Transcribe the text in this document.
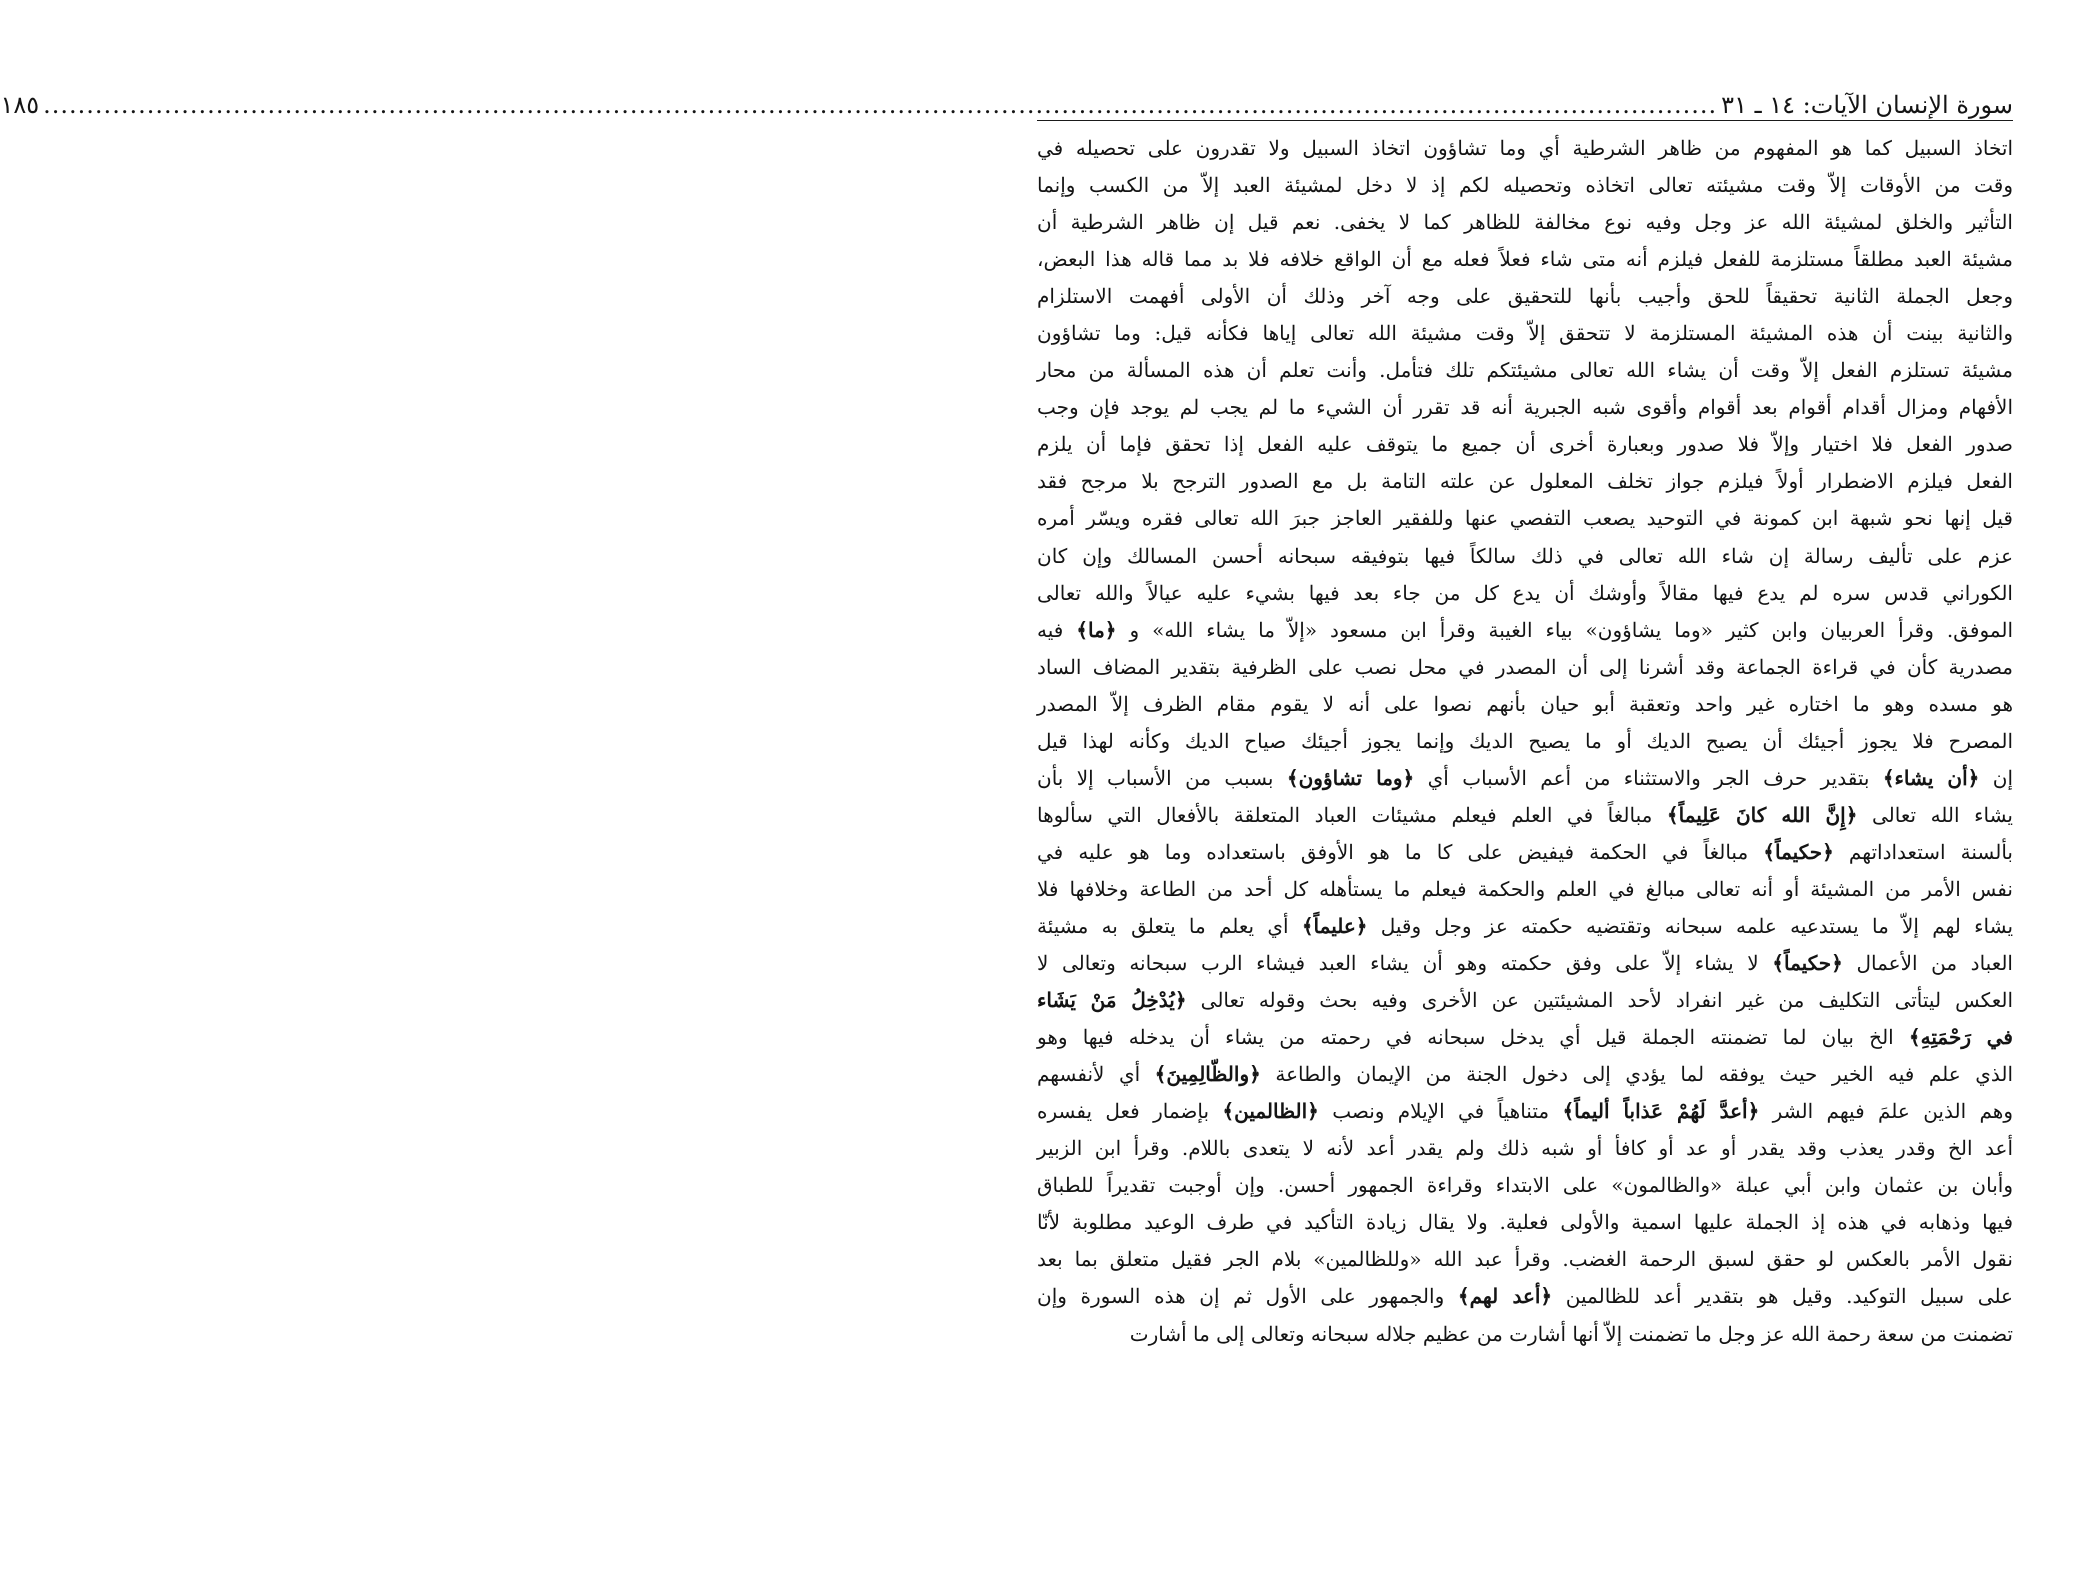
سورة الإنسان الآيات: ١٤ ـ ٣١
..................................................................................................................................................................................................
١٨٥
اتخاذ السبيل كما هو المفهوم من ظاهر الشرطية أي وما تشاؤون اتخاذ السبيل ولا تقدرون على تحصيله في
وقت من الأوقات إلاّ وقت مشيئته تعالى اتخاذه وتحصيله لكم إذ لا دخل لمشيئة العبد إلاّ من الكسب وإنما
التأثير والخلق لمشيئة الله عز وجل وفيه نوع مخالفة للظاهر كما لا يخفى. نعم قيل إن ظاهر الشرطية أن
مشيئة العبد مطلقاً مستلزمة للفعل فيلزم أنه متى شاء فعلاً فعله مع أن الواقع خلافه فلا بد مما قاله هذا البعض،
وجعل الجملة الثانية تحقيقاً للحق وأجيب بأنها للتحقيق على وجه آخر وذلك أن الأولى أفهمت الاستلزام
والثانية بينت أن هذه المشيئة المستلزمة لا تتحقق إلاّ وقت مشيئة الله تعالى إياها فكأنه قيل: وما تشاؤون
مشيئة تستلزم الفعل إلاّ وقت أن يشاء الله تعالى مشيئتكم تلك فتأمل. وأنت تعلم أن هذه المسألة من محار
الأفهام ومزال أقدام أقوام بعد أقوام وأقوى شبه الجبرية أنه قد تقرر أن الشيء ما لم يجب لم يوجد فإن وجب
صدور الفعل فلا اختيار وإلاّ فلا صدور وبعبارة أخرى أن جميع ما يتوقف عليه الفعل إذا تحقق فإما أن يلزم
الفعل فيلزم الاضطرار أولاً فيلزم جواز تخلف المعلول عن علته التامة بل مع الصدور الترجح بلا مرجح فقد
قيل إنها نحو شبهة ابن كمونة في التوحيد يصعب التفصي عنها وللفقير العاجز جبرَ الله تعالى فقره ويسّر أمره
عزم على تأليف رسالة إن شاء الله تعالى في ذلك سالكاً فيها بتوفيقه سبحانه أحسن المسالك وإن كان
الكوراني قدس سره لم يدع فيها مقالاً وأوشك أن يدع كل من جاء بعد فيها بشيء عليه عيالاً والله تعالى
الموفق. وقرأ العربيان وابن كثير «وما يشاؤون» بياء الغيبة وقرأ ابن مسعود «إلاّ ما يشاء الله» و ﴿ما﴾ فيه
مصدرية كأن في قراءة الجماعة وقد أشرنا إلى أن المصدر في محل نصب على الظرفية بتقدير المضاف الساد
هو مسده وهو ما اختاره غير واحد وتعقبة أبو حيان بأنهم نصوا على أنه لا يقوم مقام الظرف إلاّ المصدر
المصرح فلا يجوز أجيئك أن يصيح الديك أو ما يصيح الديك وإنما يجوز أجيئك صياح الديك وكأنه لهذا قيل
إن ﴿أن يشاء﴾ بتقدير حرف الجر والاستثناء من أعم الأسباب أي ﴿وما تشاؤون﴾ بسبب من الأسباب إلا بأن
يشاء الله تعالى ﴿إِنَّ الله كانَ عَلِيماً﴾ مبالغاً في العلم فيعلم مشيئات العباد المتعلقة بالأفعال التي سألوها
بألسنة استعداداتهم ﴿حكيماً﴾ مبالغاً في الحكمة فيفيض على كا ما هو الأوفق باستعداده وما هو عليه في
نفس الأمر من المشيئة أو أنه تعالى مبالغ في العلم والحكمة فيعلم ما يستأهله كل أحد من الطاعة وخلافها فلا
يشاء لهم إلاّ ما يستدعيه علمه سبحانه وتقتضيه حكمته عز وجل وقيل ﴿عليماً﴾ أي يعلم ما يتعلق به مشيئة
العباد من الأعمال ﴿حكيماً﴾ لا يشاء إلاّ على وفق حكمته وهو أن يشاء العبد فيشاء الرب سبحانه وتعالى لا
العكس ليتأتى التكليف من غير انفراد لأحد المشيئتين عن الأخرى وفيه بحث وقوله تعالى ﴿يُدْخِلُ مَنْ يَشَاء
في رَحْمَتِهِ﴾ الخ بيان لما تضمنته الجملة قيل أي يدخل سبحانه في رحمته من يشاء أن يدخله فيها وهو
الذي علم فيه الخير حيث يوفقه لما يؤدي إلى دخول الجنة من الإيمان والطاعة ﴿والظّالِمِينَ﴾ أي لأنفسهم
وهم الذين علمَ فيهم الشر ﴿أعدَّ لَهُمْ عَذاباً أليماً﴾ متناهياً في الإيلام ونصب ﴿الظالمين﴾ بإضمار فعل يفسره
أعد الخ وقدر يعذب وقد يقدر أو عد أو كافأ أو شبه ذلك ولم يقدر أعد لأنه لا يتعدى باللام. وقرأ ابن الزبير
وأبان بن عثمان وابن أبي عبلة «والظالمون» على الابتداء وقراءة الجمهور أحسن. وإن أوجبت تقديراً للطباق
فيها وذهابه في هذه إذ الجملة عليها اسمية والأولى فعلية. ولا يقال زيادة التأكيد في طرف الوعيد مطلوبة لأنّا
نقول الأمر بالعكس لو حقق لسبق الرحمة الغضب. وقرأ عبد الله «وللظالمين» بلام الجر فقيل متعلق بما بعد
على سبيل التوكيد. وقيل هو بتقدير أعد للظالمين ﴿أعد لهم﴾ والجمهور على الأول ثم إن هذه السورة وإن
تضمنت من سعة رحمة الله عز وجل ما تضمنت إلاّ أنها أشارت من عظيم جلاله سبحانه وتعالى إلى ما أشارت
